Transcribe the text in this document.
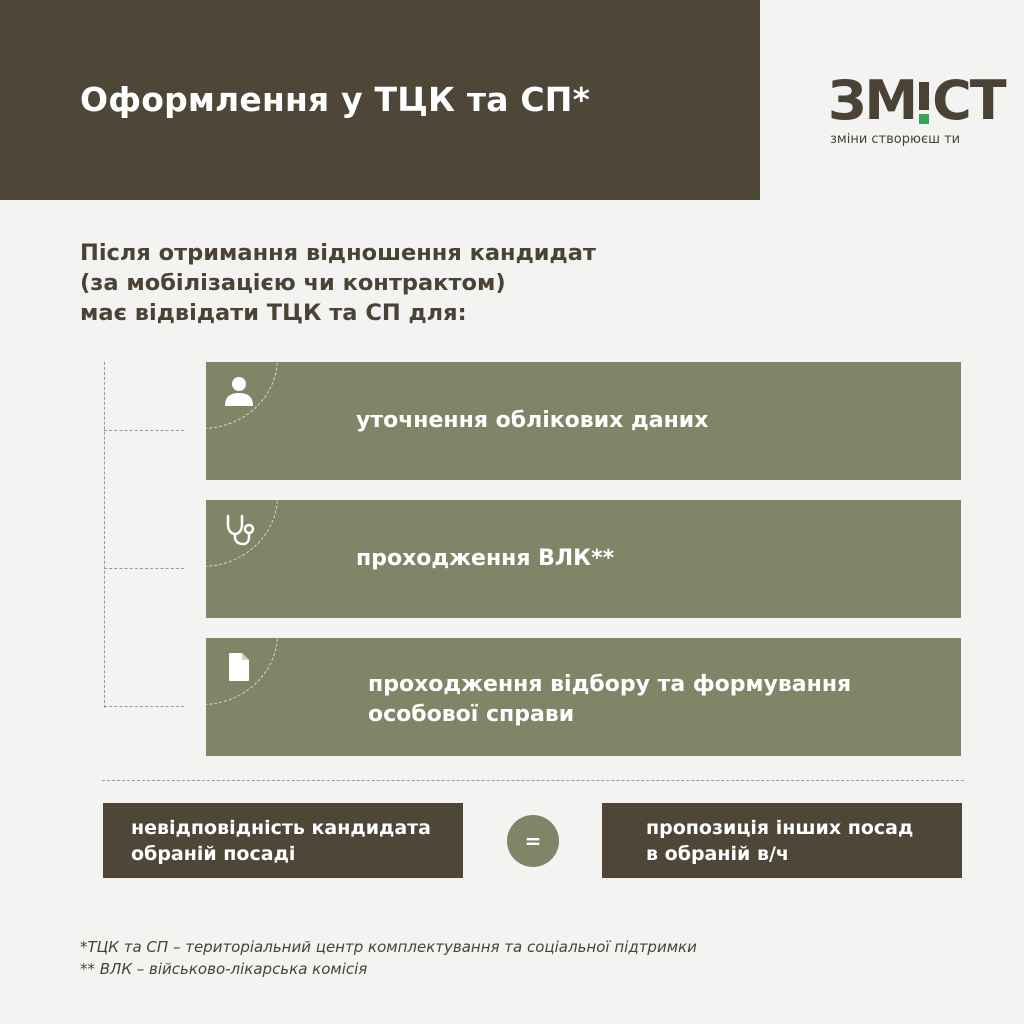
Оформлення у ТЦК та СП*	ЗМ СТ
зміни створюєш ти
Після отримання відношення кандидат
(за мобілізацією чи контрактом)
має відвідати ТЦК та СП для:
уточнення облікових даних
проходження ВЛК**
проходження відбору та формування
особової справи
невідповідність кандидата
обраній посаді
=
пропозиція інших посад
в обраній в/ч
*ТЦК та СП – територіальний центр комплектування та соціальної підтримки
** ВЛК – військово-лікарська комісія
